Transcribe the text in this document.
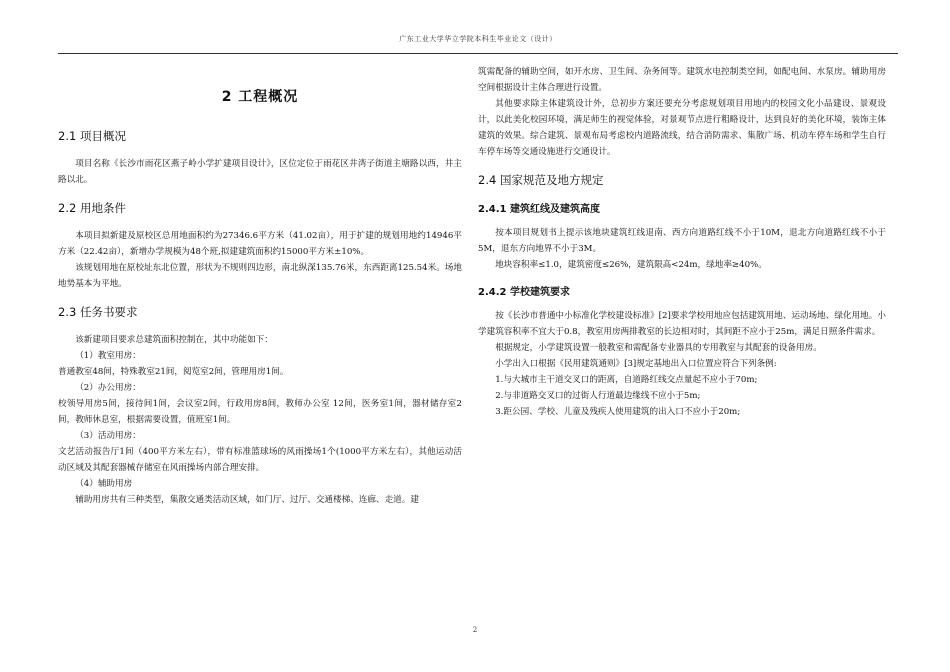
广东工业大学华立学院本科生毕业论文（设计）
2 工程概况
2.1 项目概况

项目名称《长沙市雨花区燕子岭小学扩建项目设计》，区位定位于雨花区井湾子街道主塘路以西，井主路以北。

2.2 用地条件

本项目拟新建及原校区总用地面积约为27346.6平方米（41.02亩），用于扩建的规划用地约14946平方米（22.42亩），新增办学规模为48个班,拟建建筑面积约15000平方米±10%。

该规划用地在原校址东北位置，形状为不规则四边形，南北纵深135.76米，东西距离125.54米。场地地势基本为平地。

2.3 任务书要求

该新建项目要求总建筑面积控制在，其中功能如下：

（1）教室用房：

普通教室48间，特殊教室21间，阅览室2间，管理用房1间。

（2）办公用房：

校领导用房5间，接待间1间，会议室2间，行政用房8间，教师办公室 12间，医务室1间，器材储存室2间，教师休息室，根据需要设置，值班室1间。

（3）活动用房：

文艺活动报告厅1间（400平方米左右），带有标准篮球场的风雨操场1个(1000平方米左右），其他运动活动区域及其配套器械存储室在风雨操场内部合理安排。

（4）辅助用房

辅助用房共有三种类型，集散交通类活动区域，如门厅、过厅、交通楼梯、连廊、走道。建

筑需配备的辅助空间，如开水房、卫生间、杂务间等。建筑水电控制类空间，如配电间、水泵房。辅助用房空间根据设计主体合理进行设置。

其他要求除主体建筑设计外，总初步方案还要充分考虑规划项目用地内的校园文化小品建设、景观设计，以此美化校园环境，满足师生的视觉体验，对景观节点进行粗略设计，达到良好的美化环境，装饰主体建筑的效果。综合建筑、景观布局考虑校内道路流线，结合消防需求、集散广场、机动车停车场和学生自行车停车场等交通设施进行交通设计。

2.4 国家规范及地方规定
2.4.1 建筑红线及建筑高度

按本项目规划书上提示该地块建筑红线退南、西方向道路红线不小于10M，退北方向道路红线不小于5M，退东方向地界不小于3M。

地块容积率≤1.0，建筑密度≤26%，建筑限高<24m，绿地率≥40%。

2.4.2 学校建筑要求

按《长沙市普通中小标准化学校建设标准》[2]要求学校用地应包括建筑用地、运动场地、绿化用地。小学建筑容积率不宜大于0.8，教室用房两排教室的长边相对时，其间距不应小于25m，满足日照条件需求。

根据规定，小学建筑设置一般教室和需配备专业器具的专用教室与其配套的设备用房。

小学出入口根据《民用建筑通则》[3]规定基地出入口位置应符合下列条例:

1.与大城市主干道交叉口的距离，自道路红线交点量起不应小于70m;

2.与非道路交叉口的过街人行道最边缘线不应小于5m;

3.距公园、学校、儿童及残疾人使用建筑的出入口不应小于20m;

2
